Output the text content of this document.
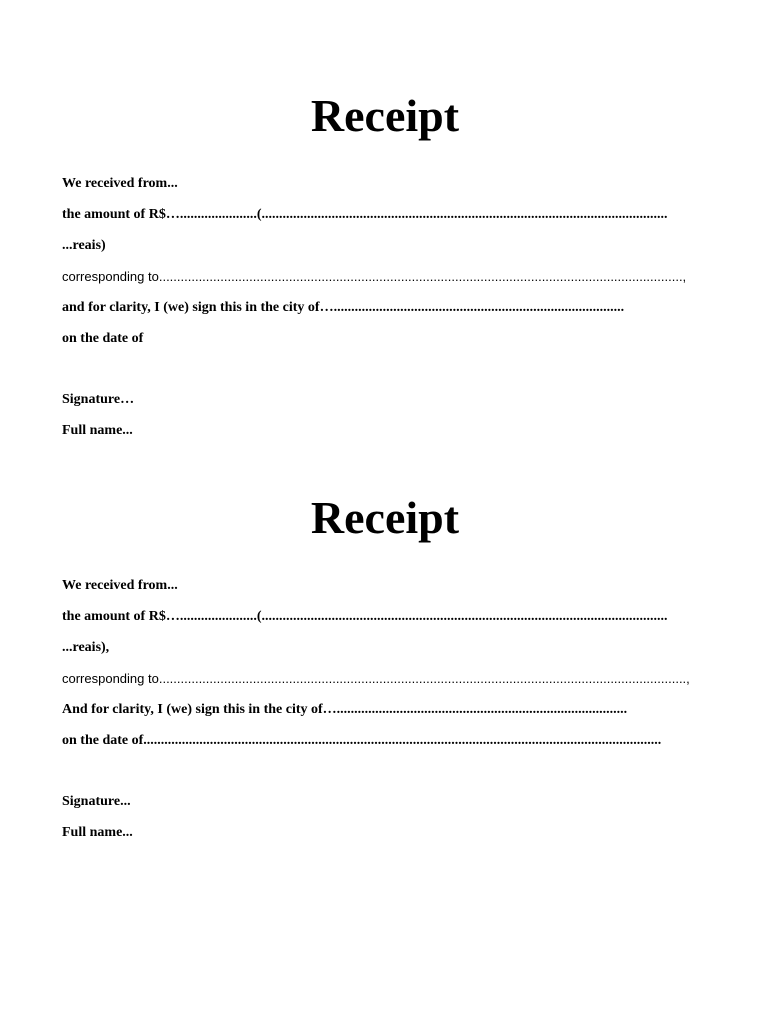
Receipt
We received from...
the amount of R$…......................(....................................................................................................................
...reais)
corresponding to.................................................................................................................................................,
and for clarity, I (we) sign this in the city of…...................................................................................
on the date of
Signature…
Full name...
Receipt
We received from...
the amount of R$…......................(....................................................................................................................
...reais),
corresponding to..................................................................................................................................................,
And for clarity, I (we) sign this in the city of…...................................................................................
on the date of....................................................................................................................................................
Signature...
Full name...
